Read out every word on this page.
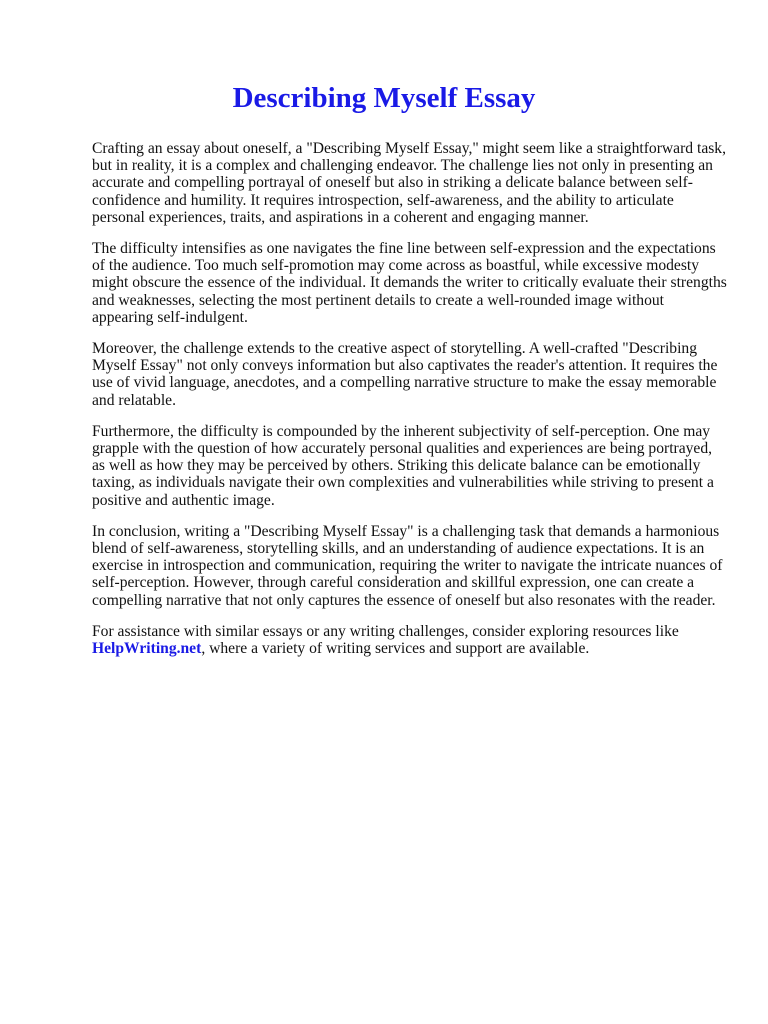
Describing Myself Essay

Crafting an essay about oneself, a "Describing Myself Essay," might seem like a straightforward task, but in reality, it is a complex and challenging endeavor. The challenge lies not only in presenting an accurate and compelling portrayal of oneself but also in striking a delicate balance between self-confidence and humility. It requires introspection, self-awareness, and the ability to articulate personal experiences, traits, and aspirations in a coherent and engaging manner.

The difficulty intensifies as one navigates the fine line between self-expression and the expectations of the audience. Too much self-promotion may come across as boastful, while excessive modesty might obscure the essence of the individual. It demands the writer to critically evaluate their strengths and weaknesses, selecting the most pertinent details to create a well-rounded image without appearing self-indulgent.

Moreover, the challenge extends to the creative aspect of storytelling. A well-crafted "Describing Myself Essay" not only conveys information but also captivates the reader's attention. It requires the use of vivid language, anecdotes, and a compelling narrative structure to make the essay memorable and relatable.

Furthermore, the difficulty is compounded by the inherent subjectivity of self-perception. One may grapple with the question of how accurately personal qualities and experiences are being portrayed, as well as how they may be perceived by others. Striking this delicate balance can be emotionally taxing, as individuals navigate their own complexities and vulnerabilities while striving to present a positive and authentic image.

In conclusion, writing a "Describing Myself Essay" is a challenging task that demands a harmonious blend of self-awareness, storytelling skills, and an understanding of audience expectations. It is an exercise in introspection and communication, requiring the writer to navigate the intricate nuances of self-perception. However, through careful consideration and skillful expression, one can create a compelling narrative that not only captures the essence of oneself but also resonates with the reader.

For assistance with similar essays or any writing challenges, consider exploring resources like HelpWriting.net, where a variety of writing services and support are available.
